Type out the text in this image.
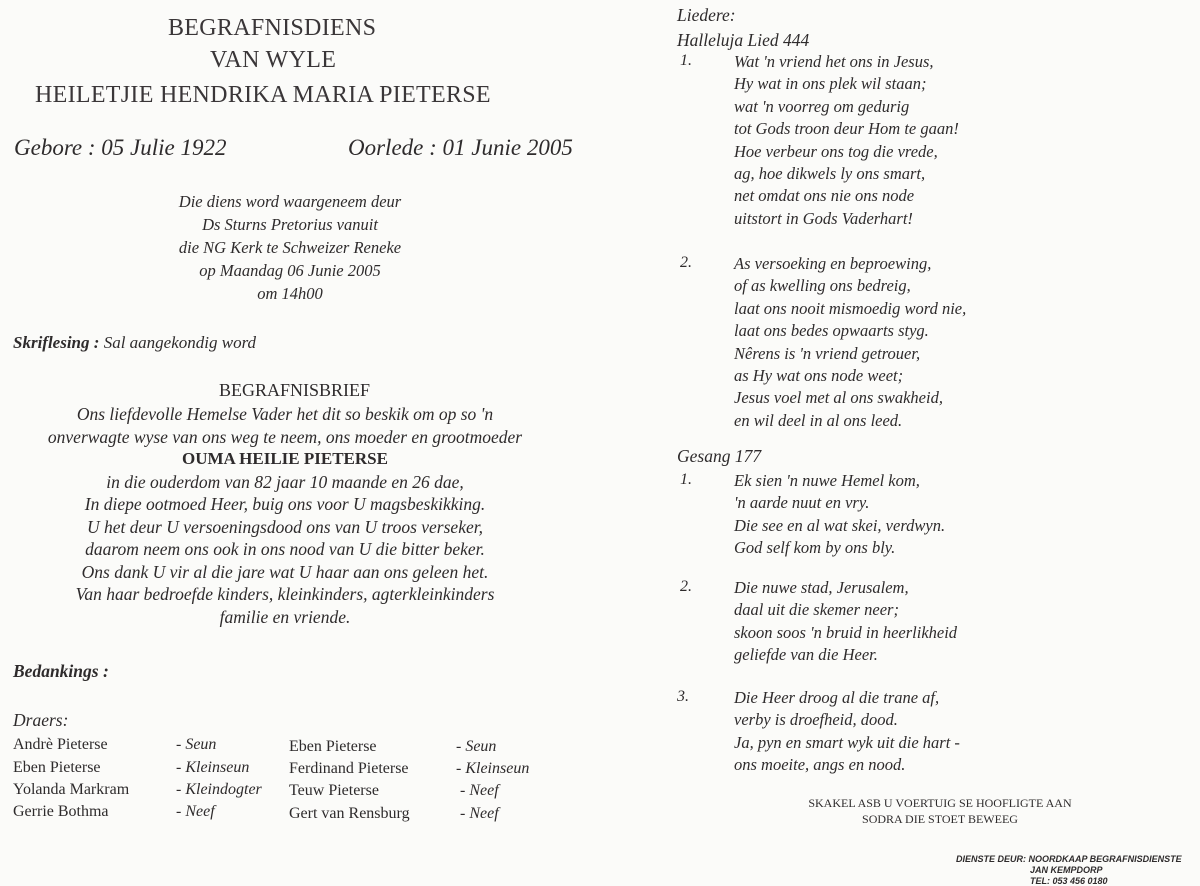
BEGRAFNISDIENS
VAN WYLE
HEILETJIE HENDRIKA MARIA PIETERSE
Gebore : 05 Julie 1922	Oorlede : 01 Junie 2005
Die diens word waargeneem deur
Ds Sturns Pretorius vanuit
die NG Kerk te Schweizer Reneke
op Maandag 06 Junie 2005
om 14h00
Skriflesing : Sal aangekondig word
BEGRAFNISBRIEF
Ons liefdevolle Hemelse Vader het dit so beskik om op so 'n
onverwagte wyse van ons weg te neem, ons moeder en grootmoeder
OUMA HEILIE PIETERSE
in die ouderdom van 82 jaar 10 maande en 26 dae,
In diepe ootmoed Heer, buig ons voor U magsbeskikking.
U het deur U versoeningsdood ons van U troos verseker,
daarom neem ons ook in ons nood van U die bitter beker.
Ons dank U vir al die jare wat U haar aan ons geleen het.
Van haar bedroefde kinders, kleinkinders, agterkleinkinders
familie en vriende.
Bedankings :
Draers:
Andrè Pieterse	- Seun
Eben Pieterse	- Kleinseun
Yolanda Markram	- Kleindogter
Gerrie Bothma	- Neef
Eben Pieterse	- Seun
Ferdinand Pieterse	- Kleinseun
Teuw Pieterse	- Neef
Gert van Rensburg	- Neef
Liedere:
Halleluja Lied 444
1.	Wat 'n vriend het ons in Jesus,
Hy wat in ons plek wil staan;
wat 'n voorreg om gedurig
tot Gods troon deur Hom te gaan!
Hoe verbeur ons tog die vrede,
ag, hoe dikwels ly ons smart,
net omdat ons nie ons node
uitstort in Gods Vaderhart!
2.	As versoeking en beproewing,
of as kwelling ons bedreig,
laat ons nooit mismoedig word nie,
laat ons bedes opwaarts styg.
Nêrens is 'n vriend getrouer,
as Hy wat ons node weet;
Jesus voel met al ons swakheid,
en wil deel in al ons leed.
Gesang 177
1.	Ek sien 'n nuwe Hemel kom,
'n aarde nuut en vry.
Die see en al wat skei, verdwyn.
God self kom by ons bly.
2.	Die nuwe stad, Jerusalem,
daal uit die skemer neer;
skoon soos 'n bruid in heerlikheid
geliefde van die Heer.
3.	Die Heer droog al die trane af,
verby is droefheid, dood.
Ja, pyn en smart wyk uit die hart -
ons moeite, angs en nood.
SKAKEL ASB U VOERTUIG SE HOOFLIGTE AAN
SODRA DIE STOET BEWEEG
DIENSTE DEUR: NOORDKAAP BEGRAFNISDIENSTE
JAN KEMPDORP
TEL: 053 456 0180
